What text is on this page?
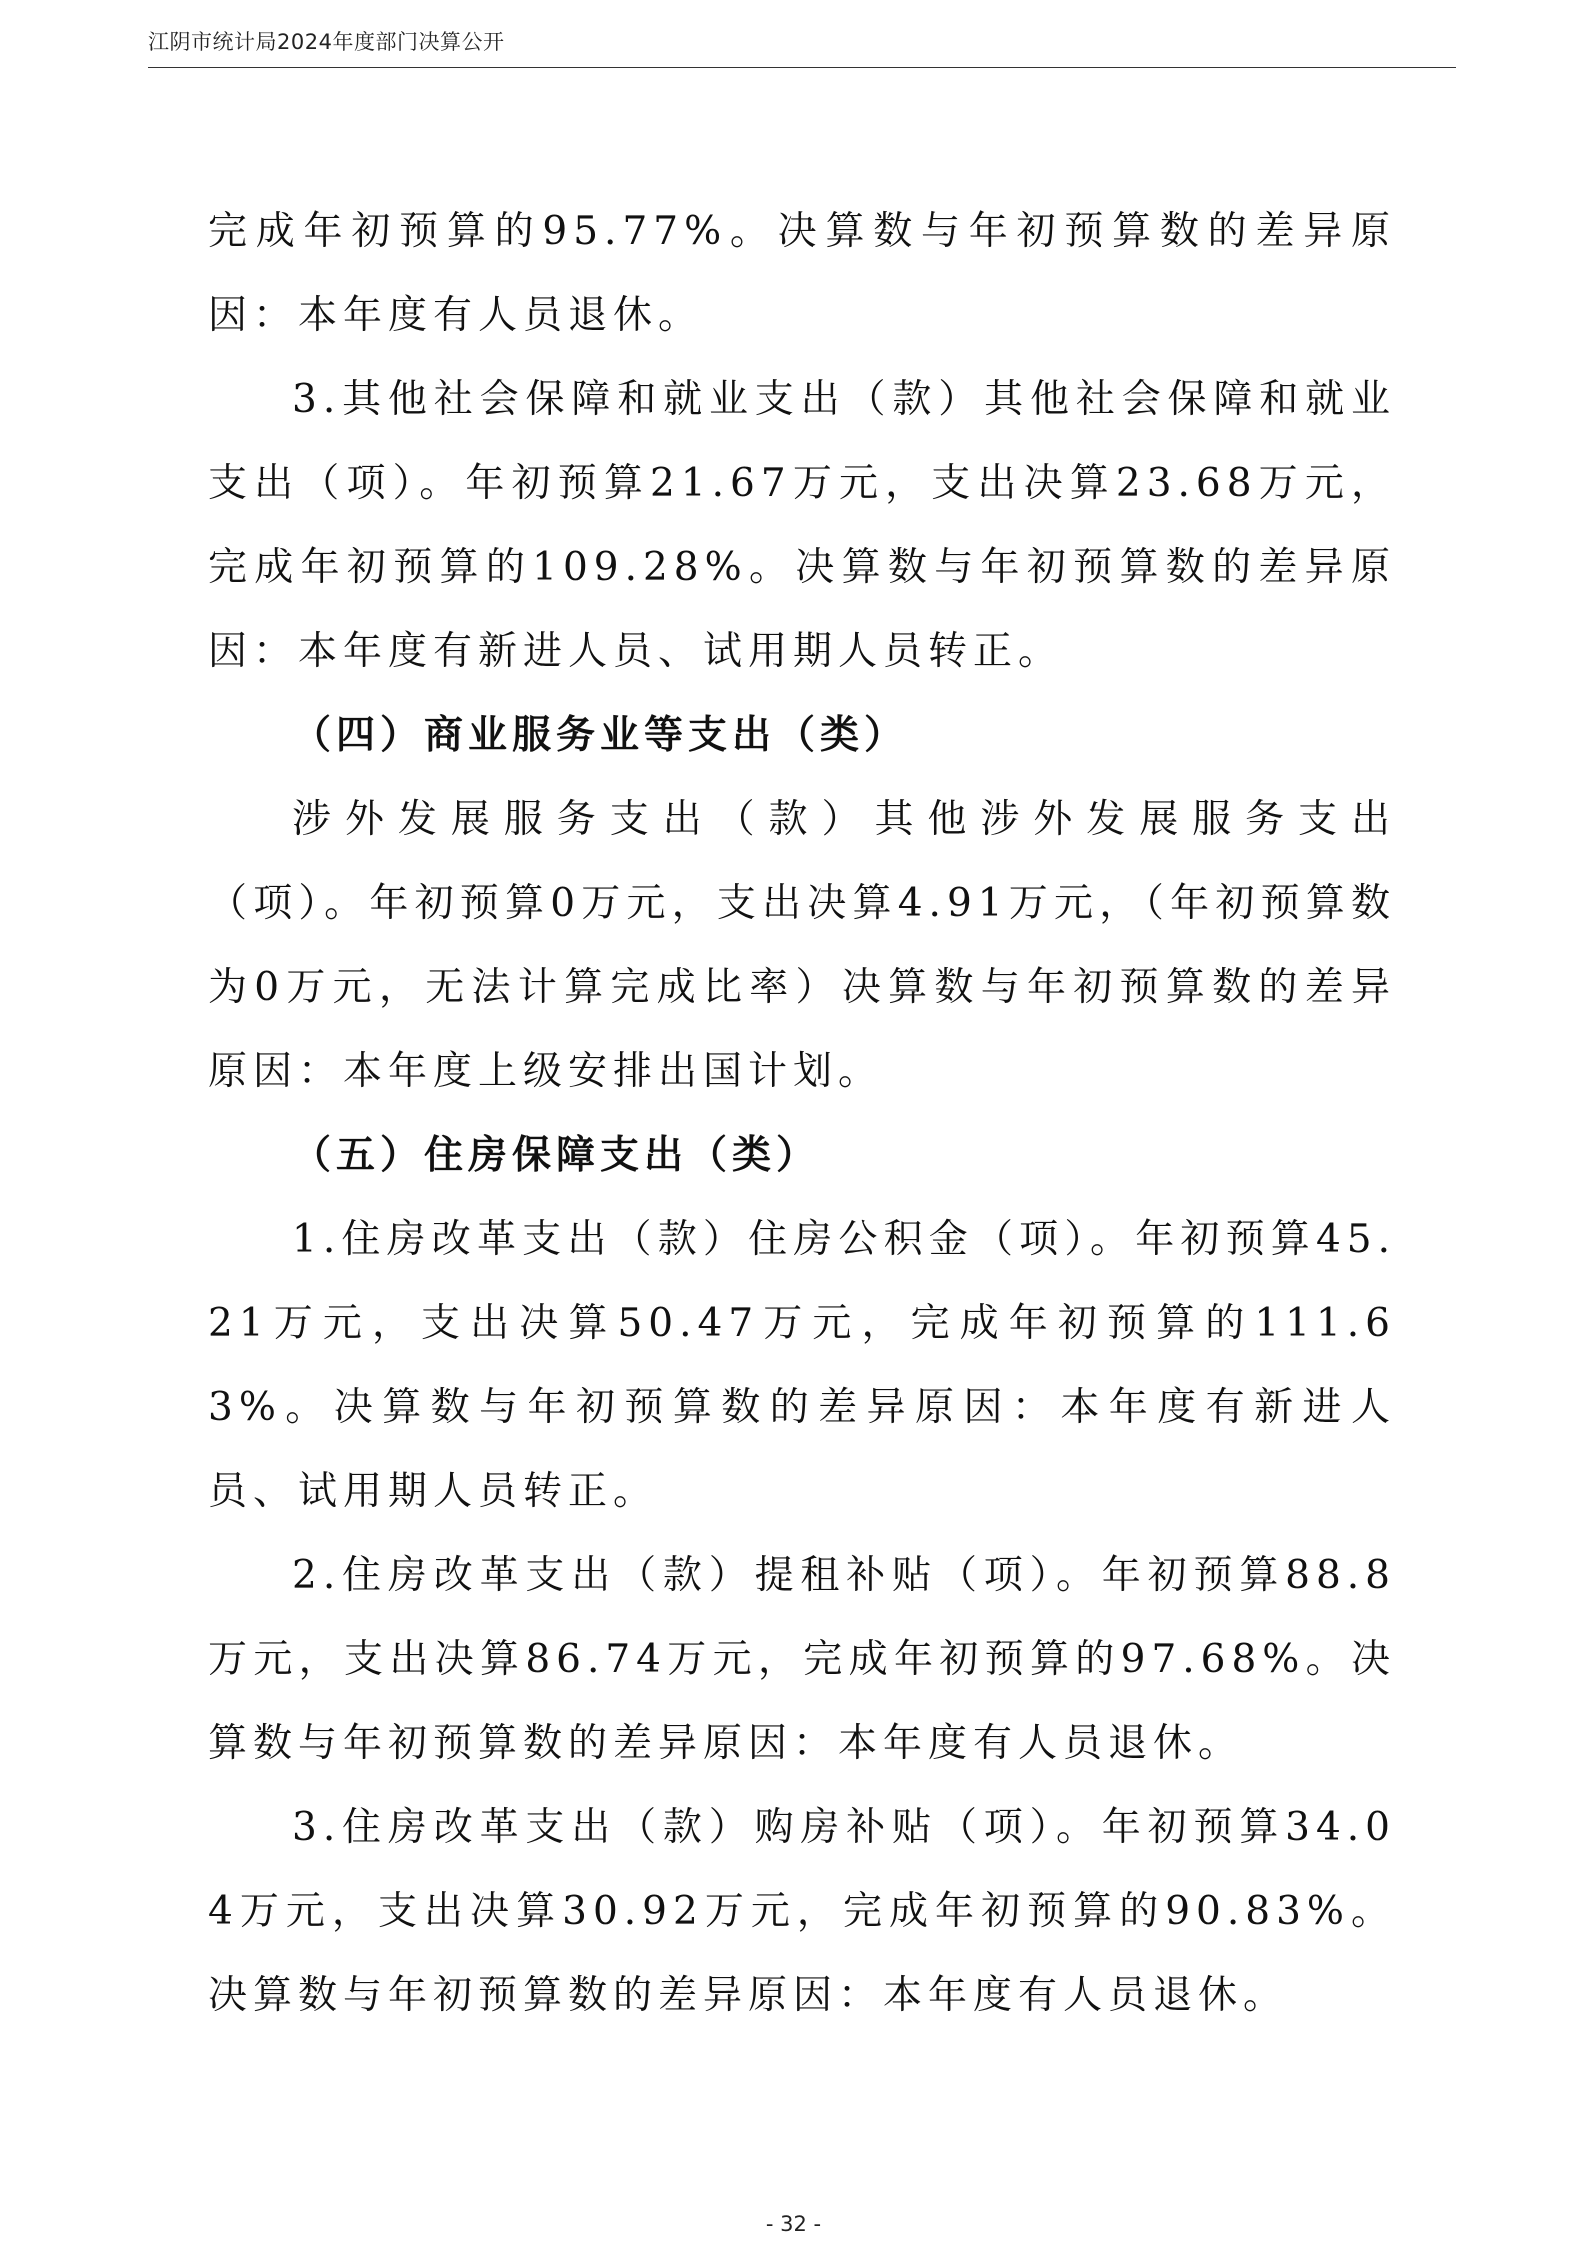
江阴市统计局2024年度部门决算公开

完成年初预算的95.77%。决算数与年初预算数的差异原因：本年度有人员退休。

3.其他社会保障和就业支出（款）其他社会保障和就业支出（项）。年初预算21.67万元，支出决算23.68万元，完成年初预算的109.28%。决算数与年初预算数的差异原因：本年度有新进人员、试用期人员转正。

（四）商业服务业等支出（类）

涉外发展服务支出（款）其他涉外发展服务支出（项）。年初预算0万元，支出决算4.91万元，（年初预算数为0万元，无法计算完成比率）决算数与年初预算数的差异原因：本年度上级安排出国计划。

（五）住房保障支出（类）

1.住房改革支出（款）住房公积金（项）。年初预算45.21万元，支出决算50.47万元，完成年初预算的111.63%。决算数与年初预算数的差异原因：本年度有新进人员、试用期人员转正。

2.住房改革支出（款）提租补贴（项）。年初预算88.8万元，支出决算86.74万元，完成年初预算的97.68%。决算数与年初预算数的差异原因：本年度有人员退休。

3.住房改革支出（款）购房补贴（项）。年初预算34.04万元，支出决算30.92万元，完成年初预算的90.83%。决算数与年初预算数的差异原因：本年度有人员退休。

- 32 -
